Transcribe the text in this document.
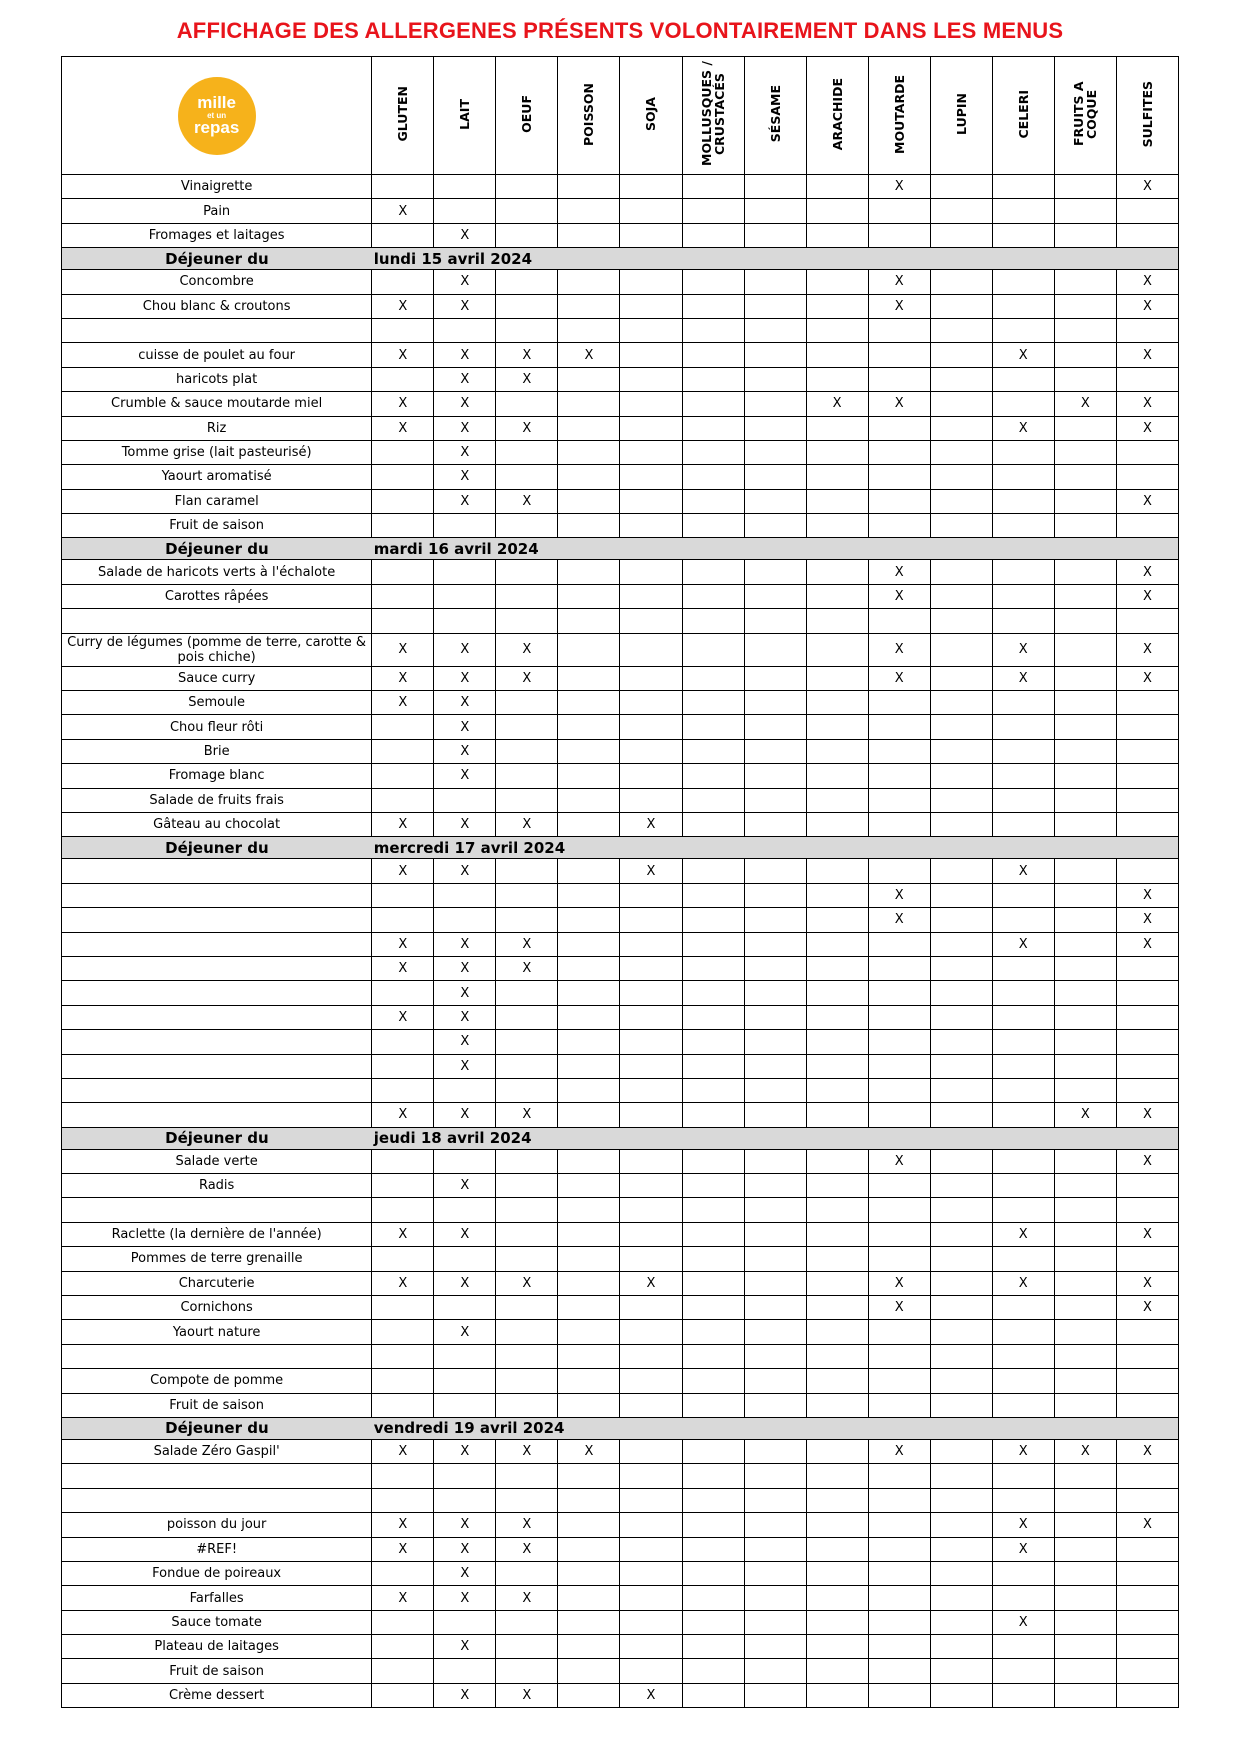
AFFICHAGE DES ALLERGENES PRÉSENTS VOLONTAIREMENT DANS LES MENUS
mille
et un
repas	GLUTEN	LAIT	OEUF	POISSON	SOJA	MOLLUSQUES / CRUSTACÉS	SÉSAME	ARACHIDE	MOUTARDE	LUPIN	CELERI	FRUITS A COQUE	SULFITES
Vinaigrette									X				X
Pain	X												
Fromages et laitages		X											
Déjeuner du	lundi 15 avril 2024												
Concombre		X							X				X
Chou blanc & croutons	X	X							X				X

cuisse de poulet au four	X	X	X	X							X		X
haricots plat		X	X										
Crumble & sauce moutarde miel	X	X						X	X			X	X
Riz	X	X	X								X		X
Tomme grise (lait pasteurisé)		X											
Yaourt aromatisé		X											
Flan caramel		X	X										X
Fruit de saison													
Déjeuner du	mardi 16 avril 2024												
Salade de haricots verts à l'échalote									X				X
Carottes râpées									X				X

Curry de légumes (pomme de terre, carotte & pois chiche)	X	X	X						X		X		X
Sauce curry	X	X	X						X		X		X
Semoule	X	X											
Chou fleur rôti		X											
Brie		X											
Fromage blanc		X											
Salade de fruits frais													
Gâteau au chocolat	X	X	X		X								
Déjeuner du	mercredi 17 avril 2024												
	X	X			X						X		
									X				X
									X				X
	X	X	X								X		X
	X	X	X										
		X											
	X	X											
		X											
		X											

	X	X	X									X	X
Déjeuner du	jeudi 18 avril 2024												
Salade verte									X				X
Radis		X											

Raclette (la dernière de l'année)	X	X									X		X
Pommes de terre grenaille													
Charcuterie	X	X	X		X				X		X		X
Cornichons									X				X
Yaourt nature		X											

Compote de pomme													
Fruit de saison													
Déjeuner du	vendredi 19 avril 2024												
Salade Zéro Gaspil'	X	X	X	X					X		X	X	X

poisson du jour	X	X	X								X		X
#REF!	X	X	X								X		
Fondue de poireaux		X											
Farfalles	X	X	X										
Sauce tomate											X		
Plateau de laitages		X											
Fruit de saison													
Crème dessert		X	X		X								
